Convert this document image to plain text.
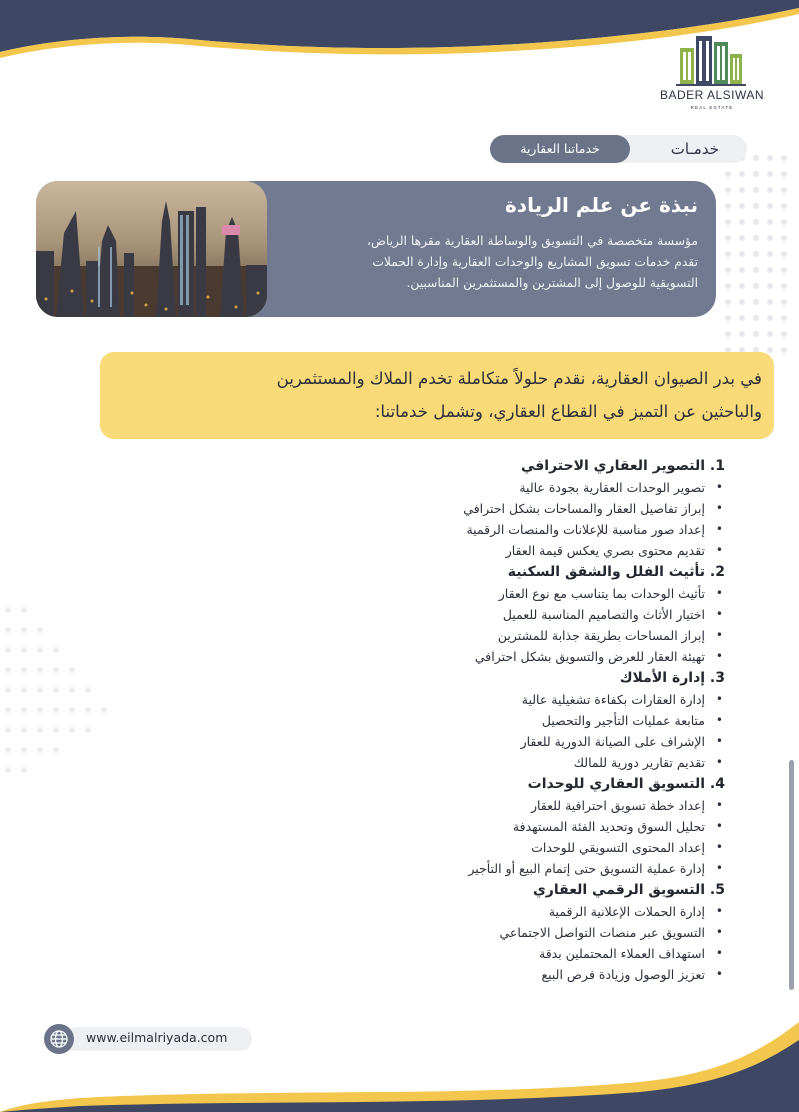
BADER ALSIWAN
REAL ESTATE
خدماتنا العقارية	خدمـات
نبذة عن علم الريادة
مؤسسة متخصصة في التسويق والوساطة العقارية مقرها الرياض،
تقدم خدمات تسويق المشاريع والوحدات العقارية وإدارة الحملات
التسويقية للوصول إلى المشترين والمستثمرين المناسبين.
في بدر الصيوان العقارية، نقدم حلولاً متكاملة تخدم الملاك والمستثمرين
والباحثين عن التميز في القطاع العقاري، وتشمل خدماتنا:
1. التصوير العقاري الاحترافي
•
تصوير الوحدات العقارية بجودة عالية
•
إبراز تفاصيل العقار والمساحات بشكل احترافي
•
إعداد صور مناسبة للإعلانات والمنصات الرقمية
•
تقديم محتوى بصري يعكس قيمة العقار
2. تأثيث الفلل والشقق السكنية
•
تأثيث الوحدات بما يتناسب مع نوع العقار
•
اختيار الأثاث والتصاميم المناسبة للعميل
•
إبراز المساحات بطريقة جذابة للمشترين
•
تهيئة العقار للعرض والتسويق بشكل احترافي
3. إدارة الأملاك
•
إدارة العقارات بكفاءة تشغيلية عالية
•
متابعة عمليات التأجير والتحصيل
•
الإشراف على الصيانة الدورية للعقار
•
تقديم تقارير دورية للمالك
4. التسويق العقاري للوحدات
•
إعداد خطة تسويق احترافية للعقار
•
تحليل السوق وتحديد الفئة المستهدفة
•
إعداد المحتوى التسويقي للوحدات
•
إدارة عملية التسويق حتى إتمام البيع أو التأجير
5. التسويق الرقمي العقاري
•
إدارة الحملات الإعلانية الرقمية
•
التسويق عبر منصات التواصل الاجتماعي
•
استهداف العملاء المحتملين بدقة
•
تعزيز الوصول وزيادة فرص البيع
www.eilmalriyada.com
